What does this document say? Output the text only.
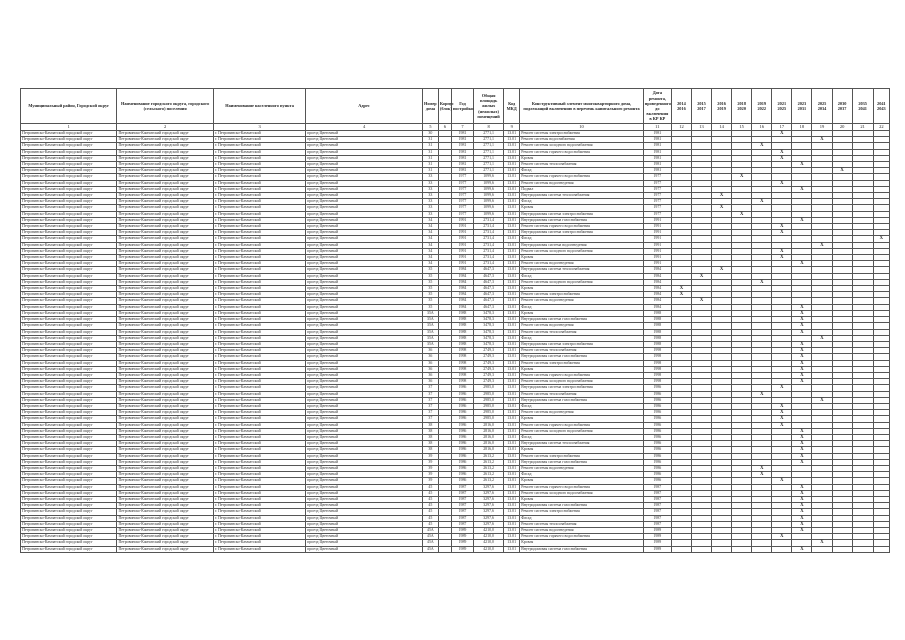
Муниципальный район, Городской округ	Наименование городского округа, городского (сельского) поселения	Наименование населенного пункта	Адрес	Номер дома	Корпус (блок)	Год постройки	Общая площадь жилых (нежилых) помещений	Код МКД	Конструктивный элемент многоквартирного дома, подлежащий включению в перечень капитального ремонта	Дата ремонта, проведенного до включения в КР КР	2014 2016	2015 2017	2016 2019	2018 2020	2019 2022	2021 2025	2023 2031	2025 2034	2030 2037	2035 2041	2041 2043
1	2	3	4	5	6	7	8	9	10	11	12	13	14	15	16	17	18	19	20	21	22
Петровинско-Камчатский городской округ	Петровинско-Камчатский городской округ	г. Петровинско-Камчатский	проезд Цветочный	30		1981	2771,1	13.01	Ремонт системы электроснабжения	1981						X					
Петровинско-Камчатский городской округ	Петровинско-Камчатский городской округ	г. Петровинско-Камчатский	проезд Цветочный	31		1981	2771,1	13.01	Ремонт системы водоснабжения	1981								X			
Петровинско-Камчатский городской округ	Петровинско-Камчатский городской округ	г. Петровинско-Камчатский	проезд Цветочный	31		1981	2771,1	13.01	Ремонт системы холодного водоснабжения	1981					X						
Петровинско-Камчатский городской округ	Петровинско-Камчатский городской округ	г. Петровинско-Камчатский	проезд Цветочный	31		1981	2771,1	13.01	Ремонт системы горячего водоснабжения	1981						X					
Петровинско-Камчатский городской округ	Петровинско-Камчатский городской округ	г. Петровинско-Камчатский	проезд Цветочный	31		1981	2771,1	13.01	Кровля	1981						X					
Петровинско-Камчатский городской округ	Петровинско-Камчатский городской округ	г. Петровинско-Камчатский	проезд Цветочный	31		1981	2771,1	13.01	Ремонт системы теплоснабжения	1981							X				
Петровинско-Камчатский городской округ	Петровинско-Камчатский городской округ	г. Петровинско-Камчатский	проезд Цветочный	31		1981	2771,1	13.01	Фасад	1981									X		
Петровинско-Камчатский городской округ	Петровинско-Камчатский городской округ	г. Петровинско-Камчатский	проезд Цветочный	33		1977	1099,6	13.01	Ремонт системы горячего водоснабжения	1977				X							
Петровинско-Камчатский городской округ	Петровинско-Камчатский городской округ	г. Петровинско-Камчатский	проезд Цветочный	33		1977	1099,6	13.01	Ремонт системы водоотведения	1977						X					
Петровинско-Камчатский городской округ	Петровинско-Камчатский городской округ	г. Петровинско-Камчатский	проезд Цветочный	33		1977	1099,6	13.01	Подвал	1977							X				
Петровинско-Камчатский городской округ	Петровинско-Камчатский городской округ	г. Петровинско-Камчатский	проезд Цветочный	33		1977	1099,6	13.01	Внутридомовая система теплоснабжения	1977			X								
Петровинско-Камчатский городской округ	Петровинско-Камчатский городской округ	г. Петровинско-Камчатский	проезд Цветочный	33		1977	1099,6	13.01	Фасад	1977					X						
Петровинско-Камчатский городской округ	Петровинско-Камчатский городской округ	г. Петровинско-Камчатский	проезд Цветочный	33		1977	1099,6	13.01	Кровля	1977			X								
Петровинско-Камчатский городской округ	Петровинско-Камчатский городской округ	г. Петровинско-Камчатский	проезд Цветочный	33		1977	1099,6	13.01	Внутридомовая система электроснабжения	1977				X							
Петровинско-Камчатский городской округ	Петровинско-Камчатский городской округ	г. Петровинско-Камчатский	проезд Цветочный	34		1991	2731,4	13.01	Внутридомовая система газоснабжения	1991							X				
Петровинско-Камчатский городской округ	Петровинско-Камчатский городской округ	г. Петровинско-Камчатский	проезд Цветочный	34		1991	2731,4	13.01	Ремонт системы горячего водоснабжения	1991						X					
Петровинско-Камчатский городской округ	Петровинско-Камчатский городской округ	г. Петровинско-Камчатский	проезд Цветочный	34		1991	2731,4	13.01	Внутридомовая система электроснабжения	1991						X					
Петровинско-Камчатский городской округ	Петровинско-Камчатский городской округ	г. Петровинско-Камчатский	проезд Цветочный	34		1991	2731,4	13.01	Фасад	1991											X
Петровинско-Камчатский городской округ	Петровинско-Камчатский городской округ	г. Петровинско-Камчатский	проезд Цветочный	34		1991	2731,4	13.01	Внутридомовая система водоотведения	1991								X			
Петровинско-Камчатский городской округ	Петровинско-Камчатский городской округ	г. Петровинско-Камчатский	проезд Цветочный	34		1991	2731,4	13.01	Ремонт системы холодного водоснабжения	1991						X					
Петровинско-Камчатский городской округ	Петровинско-Камчатский городской округ	г. Петровинско-Камчатский	проезд Цветочный	34		1991	2731,4	13.01	Кровля	1991						X					
Петровинско-Камчатский городской округ	Петровинско-Камчатский городской округ	г. Петровинско-Камчатский	проезд Цветочный	34		1991	2731,4	13.01	Ремонт системы водоотведения	1991							X				
Петровинско-Камчатский городской округ	Петровинско-Камчатский городской округ	г. Петровинско-Камчатский	проезд Цветочный	35		1984	4647,3	13.01	Внутридомовая система теплоснабжения	1984			X								
Петровинско-Камчатский городской округ	Петровинско-Камчатский городской округ	г. Петровинско-Камчатский	проезд Цветочный	35		1984	4647,3	13.01	Фасад	1984		X									
Петровинско-Камчатский городской округ	Петровинско-Камчатский городской округ	г. Петровинско-Камчатский	проезд Цветочный	35		1984	4647,3	13.01	Ремонт системы холодного водоснабжения	1984					X						
Петровинско-Камчатский городской округ	Петровинско-Камчатский городской округ	г. Петровинско-Камчатский	проезд Цветочный	35		1984	4647,3	13.01	Кровля	1984	X										
Петровинско-Камчатский городской округ	Петровинско-Камчатский городской округ	г. Петровинско-Камчатский	проезд Цветочный	35		1984	4647,3	13.01	Ремонт системы электроснабжения	1984	X										
Петровинско-Камчатский городской округ	Петровинско-Камчатский городской округ	г. Петровинско-Камчатский	проезд Цветочный	35		1984	4647,3	13.01	Ремонт системы водоотведения	1984		X									
Петровинско-Камчатский городской округ	Петровинско-Камчатский городской округ	г. Петровинско-Камчатский	проезд Цветочный	35		1984	4647,3	13.01	Фасад	1984							X				
Петровинско-Камчатский городской округ	Петровинско-Камчатский городской округ	г. Петровинско-Камчатский	проезд Цветочный	35А		1988	3478,3	13.01	Кровля	1988							X				
Петровинско-Камчатский городской округ	Петровинско-Камчатский городской округ	г. Петровинско-Камчатский	проезд Цветочный	35А		1988	3478,3	13.01	Внутридомовая система газоснабжения	1988							X				
Петровинско-Камчатский городской округ	Петровинско-Камчатский городской округ	г. Петровинско-Камчатский	проезд Цветочный	35А		1988	3478,3	13.01	Ремонт системы водоотведения	1988							X				
Петровинско-Камчатский городской округ	Петровинско-Камчатский городской округ	г. Петровинско-Камчатский	проезд Цветочный	35А		1988	3478,3	13.01	Ремонт системы теплоснабжения	1988							X				
Петровинско-Камчатский городской округ	Петровинско-Камчатский городской округ	г. Петровинско-Камчатский	проезд Цветочный	35А		1988	3478,3	13.01	Фасад	1988								X			
Петровинско-Камчатский городской округ	Петровинско-Камчатский городской округ	г. Петровинско-Камчатский	проезд Цветочный	35А		1988	3478,3	13.01	Внутридомовая система электроснабжения	1988							X				
Петровинско-Камчатский городской округ	Петровинско-Камчатский городской округ	г. Петровинско-Камчатский	проезд Цветочный	36		1998	2749,3	13.01	Ремонт системы теплоснабжения	1998							X				
Петровинско-Камчатский городской округ	Петровинско-Камчатский городской округ	г. Петровинско-Камчатский	проезд Цветочный	36		1998	2749,3	13.01	Внутридомовая система газоснабжения	1998							X				
Петровинско-Камчатский городской округ	Петровинско-Камчатский городской округ	г. Петровинско-Камчатский	проезд Цветочный	36		1998	2749,3	13.01	Ремонт системы электроснабжения	1998							X				
Петровинско-Камчатский городской округ	Петровинско-Камчатский городской округ	г. Петровинско-Камчатский	проезд Цветочный	36		1998	2749,3	13.01	Кровля	1998							X				
Петровинско-Камчатский городской округ	Петровинско-Камчатский городской округ	г. Петровинско-Камчатский	проезд Цветочный	36		1998	2749,3	13.01	Ремонт системы горячего водоснабжения	1998							X				
Петровинско-Камчатский городской округ	Петровинско-Камчатский городской округ	г. Петровинско-Камчатский	проезд Цветочный	36		1998	2749,3	13.01	Ремонт системы холодного водоснабжения	1998							X				
Петровинско-Камчатский городской округ	Петровинско-Камчатский городской округ	г. Петровинско-Камчатский	проезд Цветочный	37		1986	2985,0	13.01	Внутридомовая система электроснабжения	1986						X					
Петровинско-Камчатский городской округ	Петровинско-Камчатский городской округ	г. Петровинско-Камчатский	проезд Цветочный	37		1986	2985,0	13.01	Ремонт системы теплоснабжения	1986					X						
Петровинско-Камчатский городской округ	Петровинско-Камчатский городской округ	г. Петровинско-Камчатский	проезд Цветочный	37		1986	2985,0	13.01	Внутридомовая система газоснабжения	1986								X			
Петровинско-Камчатский городской округ	Петровинско-Камчатский городской округ	г. Петровинско-Камчатский	проезд Цветочный	37		1986	2985,0	13.01	Фасад	1986						X					
Петровинско-Камчатский городской округ	Петровинско-Камчатский городской округ	г. Петровинско-Камчатский	проезд Цветочный	37		1986	2985,0	13.01	Ремонт системы водоотведения	1986						X					
Петровинско-Камчатский городской округ	Петровинско-Камчатский городской округ	г. Петровинско-Камчатский	проезд Цветочный	37		1986	2985,0	13.01	Кровля	1986						X					
Петровинско-Камчатский городской округ	Петровинско-Камчатский городской округ	г. Петровинско-Камчатский	проезд Цветочный	38		1986	2816,0	13.01	Ремонт системы горячего водоснабжения	1986						X					
Петровинско-Камчатский городской округ	Петровинско-Камчатский городской округ	г. Петровинско-Камчатский	проезд Цветочный	38		1986	2816,0	13.01	Ремонт системы холодного водоснабжения	1986							X				
Петровинско-Камчатский городской округ	Петровинско-Камчатский городской округ	г. Петровинско-Камчатский	проезд Цветочный	38		1986	2816,0	13.01	Фасад	1986							X				
Петровинско-Камчатский городской округ	Петровинско-Камчатский городской округ	г. Петровинско-Камчатский	проезд Цветочный	38		1986	2816,0	13.01	Внутридомовая система теплоснабжения	1986							X				
Петровинско-Камчатский городской округ	Петровинско-Камчатский городской округ	г. Петровинско-Камчатский	проезд Цветочный	38		1986	2816,0	13.01	Кровля	1986							X				
Петровинско-Камчатский городской округ	Петровинско-Камчатский городской округ	г. Петровинско-Камчатский	проезд Цветочный	39		1986	2613,2	13.01	Ремонт системы электроснабжения	1986							X				
Петровинско-Камчатский городской округ	Петровинско-Камчатский городской округ	г. Петровинско-Камчатский	проезд Цветочный	39		1986	2613,2	13.01	Внутридомовая система газоснабжения	1986							X				
Петровинско-Камчатский городской округ	Петровинско-Камчатский городской округ	г. Петровинско-Камчатский	проезд Цветочный	39		1986	2613,2	13.01	Ремонт системы водоотведения	1986					X						
Петровинско-Камчатский городской округ	Петровинско-Камчатский городской округ	г. Петровинско-Камчатский	проезд Цветочный	39		1986	2613,2	13.01	Фасад	1986					X						
Петровинско-Камчатский городской округ	Петровинско-Камчатский городской округ	г. Петровинско-Камчатский	проезд Цветочный	39		1986	2613,2	13.01	Кровля	1986						X					
Петровинско-Камчатский городской округ	Петровинско-Камчатский городской округ	г. Петровинско-Камчатский	проезд Цветочный	45		1987	3297,6	13.01	Ремонт системы горячего водоснабжения	1987							X				
Петровинско-Камчатский городской округ	Петровинско-Камчатский городской округ	г. Петровинско-Камчатский	проезд Цветочный	45		1987	3297,6	13.01	Ремонт системы холодного водоснабжения	1987							X				
Петровинско-Камчатский городской округ	Петровинско-Камчатский городской округ	г. Петровинско-Камчатский	проезд Цветочный	45		1987	3297,6	13.01	Кровля	1987							X				
Петровинско-Камчатский городской округ	Петровинско-Камчатский городской округ	г. Петровинско-Камчатский	проезд Цветочный	45		1987	3297,6	13.01	Внутридомовая система газоснабжения	1987							X				
Петровинско-Камчатский городской округ	Петровинско-Камчатский городской округ	г. Петровинско-Камчатский	проезд Цветочный	45		1987	3297,6	13.01	Ремонт системы электроснабжения	1987							X				
Петровинско-Камчатский городской округ	Петровинско-Камчатский городской округ	г. Петровинско-Камчатский	проезд Цветочный	45		1987	3297,6	13.01	Фасад	1987							X				
Петровинско-Камчатский городской округ	Петровинско-Камчатский городской округ	г. Петровинско-Камчатский	проезд Цветочный	45		1987	3297,6	13.01	Ремонт системы теплоснабжения	1987							X				
Петровинско-Камчатский городской округ	Петровинско-Камчатский городской округ	г. Петровинско-Камчатский	проезд Цветочный	45А		1989	4210,0	13.01	Ремонт системы водоотведения	1989							X				
Петровинско-Камчатский городской округ	Петровинско-Камчатский городской округ	г. Петровинско-Камчатский	проезд Цветочный	45А		1989	4210,0	13.01	Ремонт системы горячего водоснабжения	1989						X					
Петровинско-Камчатский городской округ	Петровинско-Камчатский городской округ	г. Петровинско-Камчатский	проезд Цветочный	45А		1989	4210,0	13.01	Кровля	1989								X			
Петровинско-Камчатский городской округ	Петровинско-Камчатский городской округ	г. Петровинско-Камчатский	проезд Цветочный	45А		1989	4210,0	13.01	Внутридомовая система газоснабжения	1989							X				
